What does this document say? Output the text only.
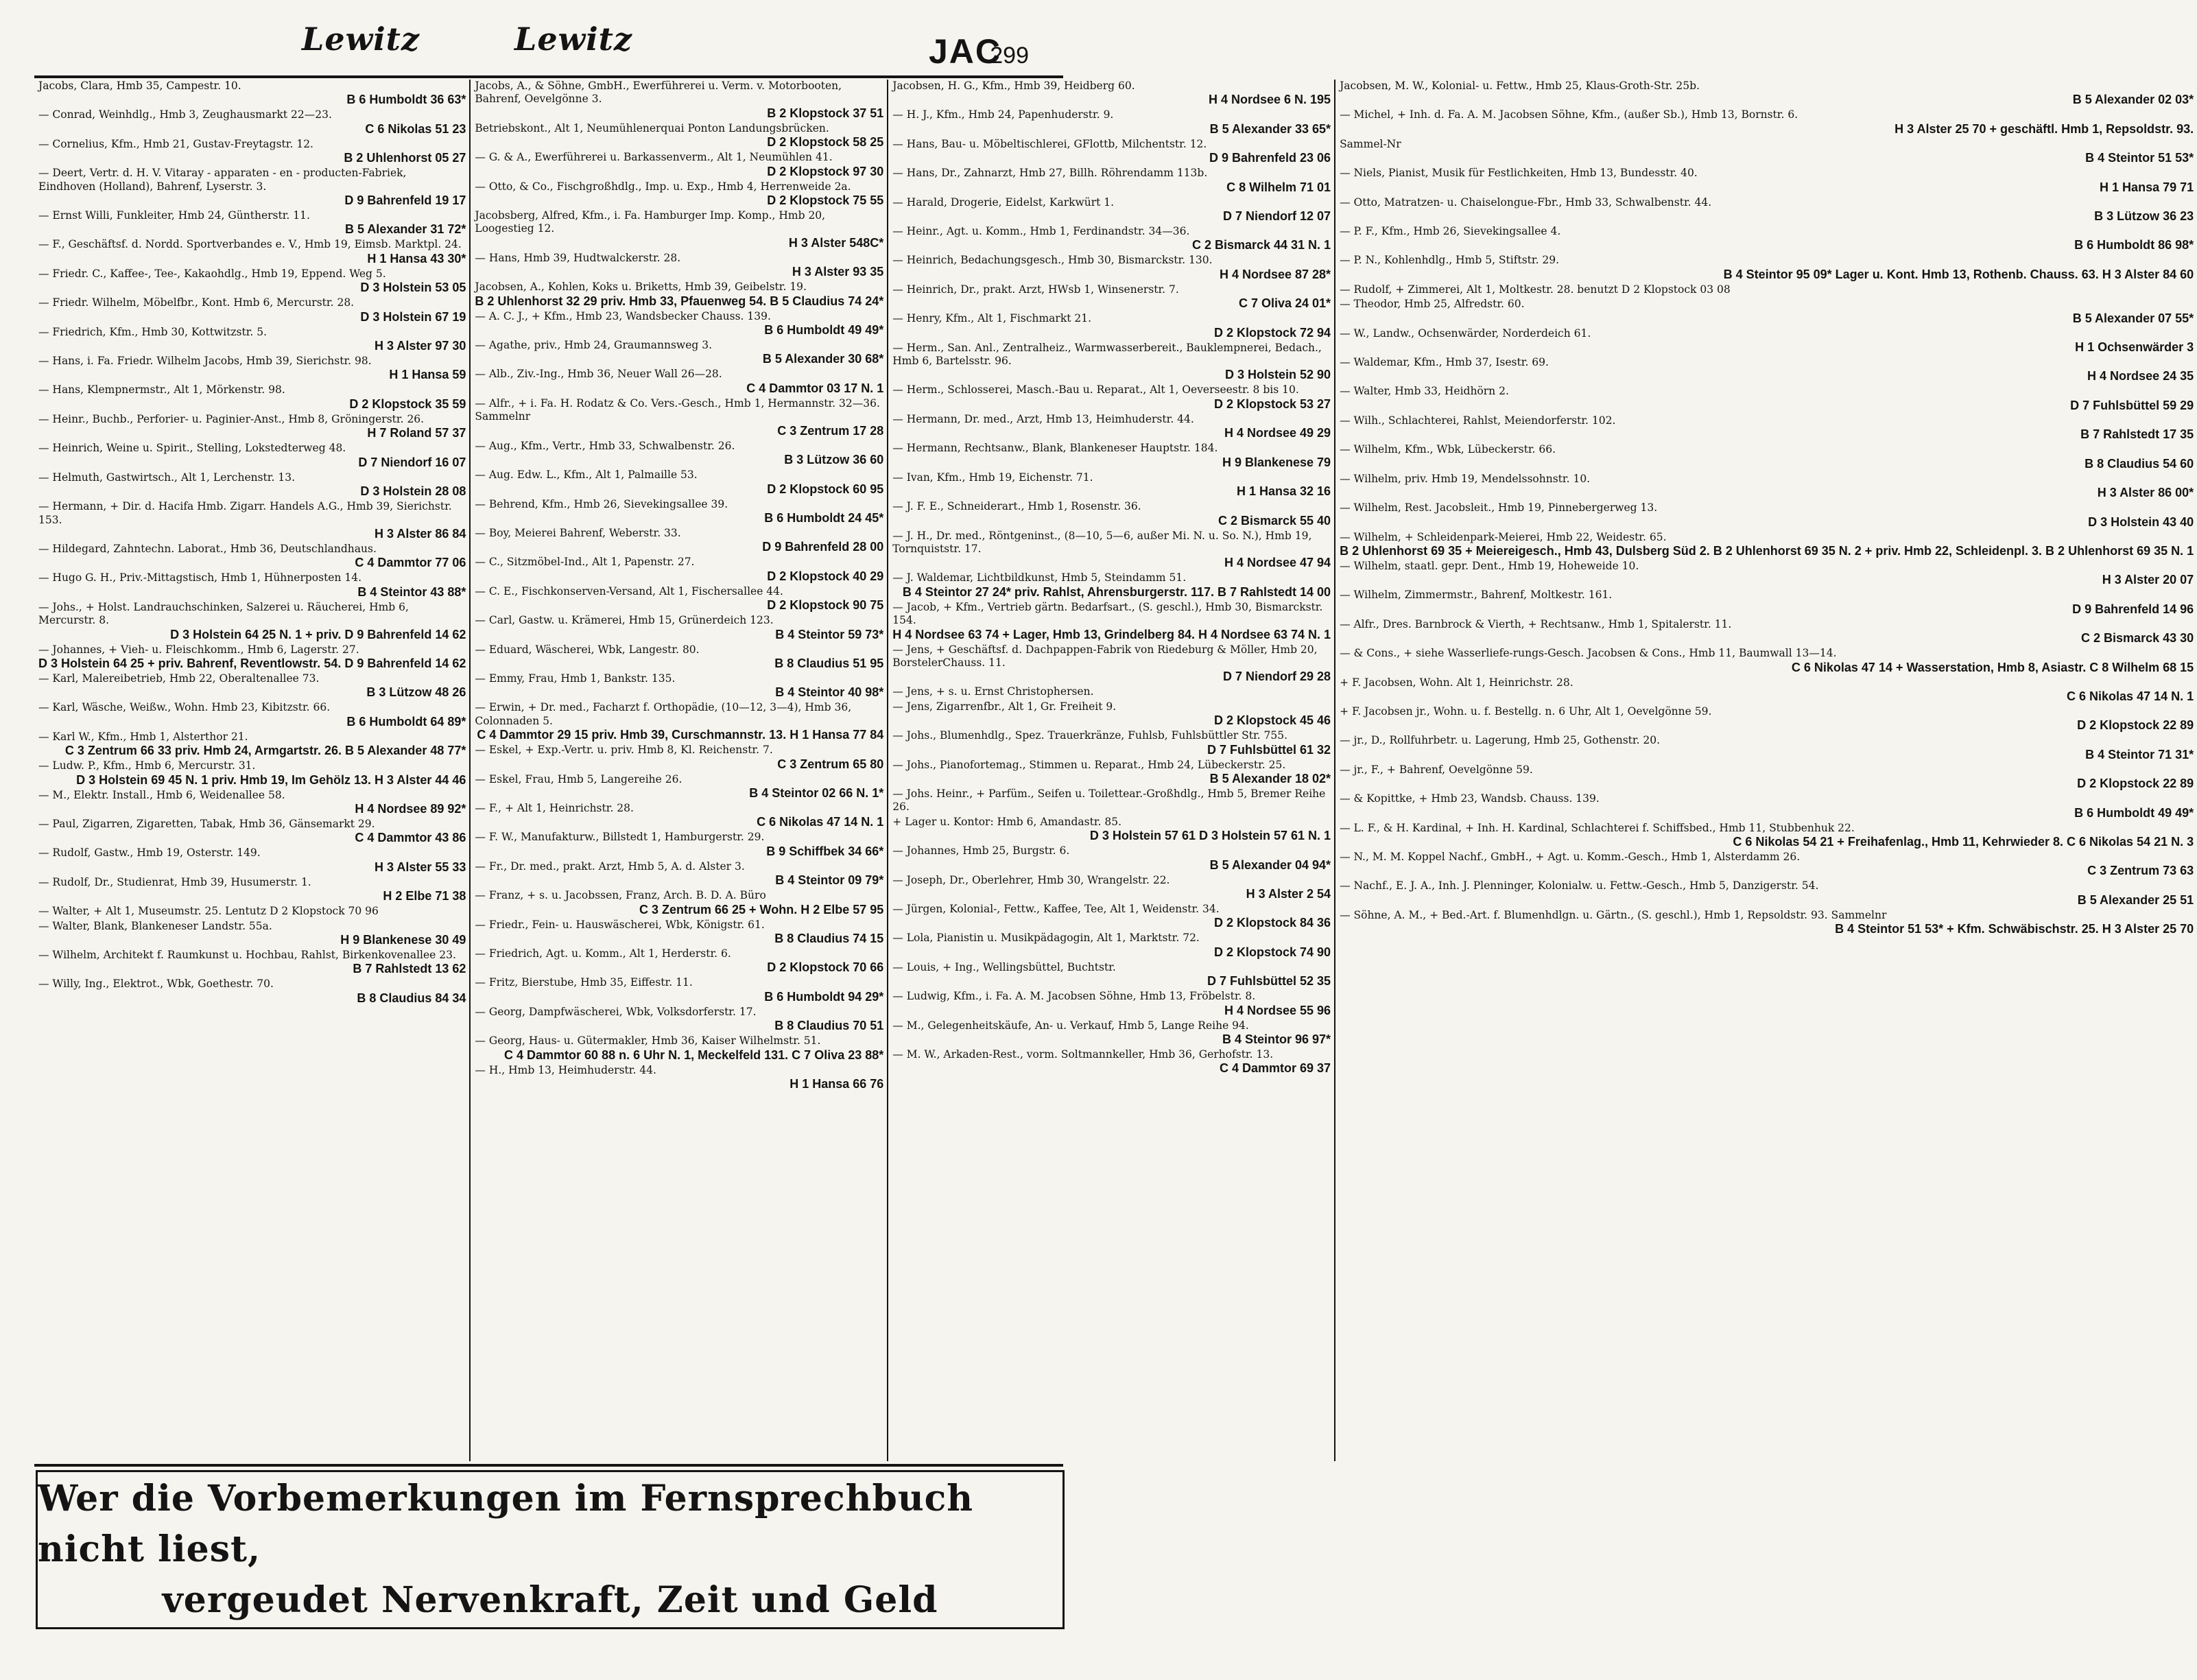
Lewitz	Lewitz	JAC
299
Jacobs, Clara, Hmb 35, Campestr. 10.
B 6 Humboldt 36 63*
— Conrad, Weinhdlg., Hmb 3, Zeughausmarkt 22—23.
C 6 Nikolas 51 23
— Cornelius, Kfm., Hmb 21, Gustav-Freytagstr. 12.
B 2 Uhlenhorst 05 27
— Deert, Vertr. d. H. V. Vitaray - apparaten - en - producten-Fabriek, Eindhoven (Holland), Bahrenf, Lyserstr. 3.
D 9 Bahrenfeld 19 17
— Ernst Willi, Funkleiter, Hmb 24, Güntherstr. 11.
B 5 Alexander 31 72*
— F., Geschäftsf. d. Nordd. Sportverbandes e. V., Hmb 19, Eimsb. Marktpl. 24.
H 1 Hansa 43 30*
— Friedr. C., Kaffee-, Tee-, Kakaohdlg., Hmb 19, Eppend. Weg 5.
D 3 Holstein 53 05
— Friedr. Wilhelm, Möbelfbr., Kont. Hmb 6, Mercurstr. 28.
D 3 Holstein 67 19
— Friedrich, Kfm., Hmb 30, Kottwitzstr. 5.
H 3 Alster 97 30
— Hans, i. Fa. Friedr. Wilhelm Jacobs, Hmb 39, Sierichstr. 98.
H 1 Hansa 59
— Hans, Klempnermstr., Alt 1, Mörkenstr. 98.
D 2 Klopstock 35 59
— Heinr., Buchb., Perforier- u. Paginier-Anst., Hmb 8, Gröningerstr. 26.
H 7 Roland 57 37
— Heinrich, Weine u. Spirit., Stelling, Lokstedterweg 48.
D 7 Niendorf 16 07
— Helmuth, Gastwirtsch., Alt 1, Lerchenstr. 13.
D 3 Holstein 28 08
— Hermann, + Dir. d. Hacifa Hmb. Zigarr. Handels A.G., Hmb 39, Sierichstr. 153.
H 3 Alster 86 84
— Hildegard, Zahntechn. Laborat., Hmb 36, Deutschlandhaus.
C 4 Dammtor 77 06
— Hugo G. H., Priv.-Mittagstisch, Hmb 1, Hühnerposten 14.
B 4 Steintor 43 88*
— Johs., + Holst. Landrauchschinken, Salzerei u. Räucherei, Hmb 6, Mercurstr. 8.
D 3 Holstein 64 25 N. 1 + priv. D 9 Bahrenfeld 14 62
— Johannes, + Vieh- u. Fleischkomm., Hmb 6, Lagerstr. 27.
D 3 Holstein 64 25 + priv. Bahrenf, Reventlowstr. 54. D 9 Bahrenfeld 14 62
— Karl, Malereibetrieb, Hmb 22, Oberaltenallee 73.
B 3 Lützow 48 26
— Karl, Wäsche, Weißw., Wohn. Hmb 23, Kibitzstr. 66.
B 6 Humboldt 64 89*
— Karl W., Kfm., Hmb 1, Alsterthor 21.
C 3 Zentrum 66 33 priv. Hmb 24, Armgartstr. 26. B 5 Alexander 48 77*
— Ludw. P., Kfm., Hmb 6, Mercurstr. 31.
D 3 Holstein 69 45 N. 1 priv. Hmb 19, Im Gehölz 13. H 3 Alster 44 46
— M., Elektr. Install., Hmb 6, Weidenallee 58.
H 4 Nordsee 89 92*
— Paul, Zigarren, Zigaretten, Tabak, Hmb 36, Gänsemarkt 29.
C 4 Dammtor 43 86
— Rudolf, Gastw., Hmb 19, Osterstr. 149.
H 3 Alster 55 33
— Rudolf, Dr., Studienrat, Hmb 39, Husumerstr. 1.
H 2 Elbe 71 38
— Walter, + Alt 1, Museumstr. 25. Lentutz D 2 Klopstock 70 96
— Walter, Blank, Blankeneser Landstr. 55a.
H 9 Blankenese 30 49
— Wilhelm, Architekt f. Raumkunst u. Hochbau, Rahlst, Birkenkovenallee 23.
B 7 Rahlstedt 13 62
— Willy, Ing., Elektrot., Wbk, Goethestr. 70.
B 8 Claudius 84 34
Jacobs, A., & Söhne, GmbH., Ewerführerei u. Verm. v. Motorbooten, Bahrenf, Oevelgönne 3.
B 2 Klopstock 37 51
Betriebskont., Alt 1, Neumühlenerquai Ponton Landungsbrücken.
D 2 Klopstock 58 25
— G. & A., Ewerführerei u. Barkassenverm., Alt 1, Neumühlen 41.
D 2 Klopstock 97 30
— Otto, & Co., Fischgroßhdlg., Imp. u. Exp., Hmb 4, Herrenweide 2a.
D 2 Klopstock 75 55
Jacobsberg, Alfred, Kfm., i. Fa. Hamburger Imp. Komp., Hmb 20, Loogestieg 12.
H 3 Alster 548C*
— Hans, Hmb 39, Hudtwalckerstr. 28.
H 3 Alster 93 35
Jacobsen, A., Kohlen, Koks u. Briketts, Hmb 39, Geibelstr. 19.
B 2 Uhlenhorst 32 29 priv. Hmb 33, Pfauenweg 54. B 5 Claudius 74 24*
— A. C. J., + Kfm., Hmb 23, Wandsbecker Chauss. 139.
B 6 Humboldt 49 49*
— Agathe, priv., Hmb 24, Graumannsweg 3.
B 5 Alexander 30 68*
— Alb., Ziv.-Ing., Hmb 36, Neuer Wall 26—28.
C 4 Dammtor 03 17 N. 1
— Alfr., + i. Fa. H. Rodatz & Co. Vers.-Gesch., Hmb 1, Hermannstr. 32—36. Sammelnr
C 3 Zentrum 17 28
— Aug., Kfm., Vertr., Hmb 33, Schwalbenstr. 26.
B 3 Lützow 36 60
— Aug. Edw. L., Kfm., Alt 1, Palmaille 53.
D 2 Klopstock 60 95
— Behrend, Kfm., Hmb 26, Sievekingsallee 39.
B 6 Humboldt 24 45*
— Boy, Meierei Bahrenf, Weberstr. 33.
D 9 Bahrenfeld 28 00
— C., Sitzmöbel-Ind., Alt 1, Papenstr. 27.
D 2 Klopstock 40 29
— C. E., Fischkonserven-Versand, Alt 1, Fischersallee 44.
D 2 Klopstock 90 75
— Carl, Gastw. u. Krämerei, Hmb 15, Grünerdeich 123.
B 4 Steintor 59 73*
— Eduard, Wäscherei, Wbk, Langestr. 80.
B 8 Claudius 51 95
— Emmy, Frau, Hmb 1, Bankstr. 135.
B 4 Steintor 40 98*
— Erwin, + Dr. med., Facharzt f. Orthopädie, (10—12, 3—4), Hmb 36, Colonnaden 5.
C 4 Dammtor 29 15 priv. Hmb 39, Curschmannstr. 13. H 1 Hansa 77 84
— Eskel, + Exp.-Vertr. u. priv. Hmb 8, Kl. Reichenstr. 7.
C 3 Zentrum 65 80
— Eskel, Frau, Hmb 5, Langereihe 26.
B 4 Steintor 02 66 N. 1*
— F., + Alt 1, Heinrichstr. 28.
C 6 Nikolas 47 14 N. 1
— F. W., Manufakturw., Billstedt 1, Hamburgerstr. 29.
B 9 Schiffbek 34 66*
— Fr., Dr. med., prakt. Arzt, Hmb 5, A. d. Alster 3.
B 4 Steintor 09 79*
— Franz, + s. u. Jacobssen, Franz, Arch. B. D. A. Büro
C 3 Zentrum 66 25 + Wohn. H 2 Elbe 57 95
— Friedr., Fein- u. Hauswäscherei, Wbk, Königstr. 61.
B 8 Claudius 74 15
— Friedrich, Agt. u. Komm., Alt 1, Herderstr. 6.
D 2 Klopstock 70 66
— Fritz, Bierstube, Hmb 35, Eiffestr. 11.
B 6 Humboldt 94 29*
— Georg, Dampfwäscherei, Wbk, Volksdorferstr. 17.
B 8 Claudius 70 51
— Georg, Haus- u. Gütermakler, Hmb 36, Kaiser Wilhelmstr. 51.
C 4 Dammtor 60 88 n. 6 Uhr N. 1, Meckelfeld 131. C 7 Oliva 23 88*
— H., Hmb 13, Heimhuderstr. 44.
H 1 Hansa 66 76
Jacobsen, H. G., Kfm., Hmb 39, Heidberg 60.
H 4 Nordsee 6 N. 195
— H. J., Kfm., Hmb 24, Papenhuderstr. 9.
B 5 Alexander 33 65*
— Hans, Bau- u. Möbeltischlerei, GFlottb, Milchentstr. 12.
D 9 Bahrenfeld 23 06
— Hans, Dr., Zahnarzt, Hmb 27, Billh. Röhrendamm 113b.
C 8 Wilhelm 71 01
— Harald, Drogerie, Eidelst, Karkwürt 1.
D 7 Niendorf 12 07
— Heinr., Agt. u. Komm., Hmb 1, Ferdinandstr. 34—36.
C 2 Bismarck 44 31 N. 1
— Heinrich, Bedachungsgesch., Hmb 30, Bismarckstr. 130.
H 4 Nordsee 87 28*
— Heinrich, Dr., prakt. Arzt, HWsb 1, Winsenerstr. 7.
C 7 Oliva 24 01*
— Henry, Kfm., Alt 1, Fischmarkt 21.
D 2 Klopstock 72 94
— Herm., San. Anl., Zentralheiz., Warmwasserbereit., Bauklempnerei, Bedach., Hmb 6, Bartelsstr. 96.
D 3 Holstein 52 90
— Herm., Schlosserei, Masch.-Bau u. Reparat., Alt 1, Oeverseestr. 8 bis 10.
D 2 Klopstock 53 27
— Hermann, Dr. med., Arzt, Hmb 13, Heimhuderstr. 44.
H 4 Nordsee 49 29
— Hermann, Rechtsanw., Blank, Blankeneser Hauptstr. 184.
H 9 Blankenese 79
— Ivan, Kfm., Hmb 19, Eichenstr. 71.
H 1 Hansa 32 16
— J. F. E., Schneiderart., Hmb 1, Rosenstr. 36.
C 2 Bismarck 55 40
— J. H., Dr. med., Röntgeninst., (8—10, 5—6, außer Mi. N. u. So. N.), Hmb 19, Tornquiststr. 17.
H 4 Nordsee 47 94
— J. Waldemar, Lichtbildkunst, Hmb 5, Steindamm 51.
B 4 Steintor 27 24* priv. Rahlst, Ahrensburgerstr. 117. B 7 Rahlstedt 14 00
— Jacob, + Kfm., Vertrieb gärtn. Bedarfsart., (S. geschl.), Hmb 30, Bismarckstr. 154.
H 4 Nordsee 63 74 + Lager, Hmb 13, Grindelberg 84. H 4 Nordsee 63 74 N. 1
— Jens, + Geschäftsf. d. Dachpappen-Fabrik von Riedeburg & Möller, Hmb 20, BorstelerChauss. 11.
D 7 Niendorf 29 28
— Jens, + s. u. Ernst Christophersen.
— Jens, Zigarrenfbr., Alt 1, Gr. Freiheit 9.
D 2 Klopstock 45 46
— Johs., Blumenhdlg., Spez. Trauerkränze, Fuhlsb, Fuhlsbüttler Str. 755.
D 7 Fuhlsbüttel 61 32
— Johs., Pianofortemag., Stimmen u. Reparat., Hmb 24, Lübeckerstr. 25.
B 5 Alexander 18 02*
— Johs. Heinr., + Parfüm., Seifen u. Toilettear.-Großhdlg., Hmb 5, Bremer Reihe 26.
+ Lager u. Kontor: Hmb 6, Amandastr. 85.
D 3 Holstein 57 61 D 3 Holstein 57 61 N. 1
— Johannes, Hmb 25, Burgstr. 6.
B 5 Alexander 04 94*
— Joseph, Dr., Oberlehrer, Hmb 30, Wrangelstr. 22.
H 3 Alster 2 54
— Jürgen, Kolonial-, Fettw., Kaffee, Tee, Alt 1, Weidenstr. 34.
D 2 Klopstock 84 36
— Lola, Pianistin u. Musikpädagogin, Alt 1, Marktstr. 72.
D 2 Klopstock 74 90
— Louis, + Ing., Wellingsbüttel, Buchtstr.
D 7 Fuhlsbüttel 52 35
— Ludwig, Kfm., i. Fa. A. M. Jacobsen Söhne, Hmb 13, Fröbelstr. 8.
H 4 Nordsee 55 96
— M., Gelegenheitskäufe, An- u. Verkauf, Hmb 5, Lange Reihe 94.
B 4 Steintor 96 97*
— M. W., Arkaden-Rest., vorm. Soltmannkeller, Hmb 36, Gerhofstr. 13.
C 4 Dammtor 69 37
Jacobsen, M. W., Kolonial- u. Fettw., Hmb 25, Klaus-Groth-Str. 25b.
B 5 Alexander 02 03*
— Michel, + Inh. d. Fa. A. M. Jacobsen Söhne, Kfm., (außer Sb.), Hmb 13, Bornstr. 6.
H 3 Alster 25 70 + geschäftl. Hmb 1, Repsoldstr. 93.
Sammel-Nr
B 4 Steintor 51 53*
— Niels, Pianist, Musik für Festlichkeiten, Hmb 13, Bundesstr. 40.
H 1 Hansa 79 71
— Otto, Matratzen- u. Chaiselongue-Fbr., Hmb 33, Schwalbenstr. 44.
B 3 Lützow 36 23
— P. F., Kfm., Hmb 26, Sievekingsallee 4.
B 6 Humboldt 86 98*
— P. N., Kohlenhdlg., Hmb 5, Stiftstr. 29.
B 4 Steintor 95 09* Lager u. Kont. Hmb 13, Rothenb. Chauss. 63. H 3 Alster 84 60
— Rudolf, + Zimmerei, Alt 1, Moltkestr. 28. benutzt D 2 Klopstock 03 08
— Theodor, Hmb 25, Alfredstr. 60.
B 5 Alexander 07 55*
— W., Landw., Ochsenwärder, Norderdeich 61.
H 1 Ochsenwärder 3
— Waldemar, Kfm., Hmb 37, Isestr. 69.
H 4 Nordsee 24 35
— Walter, Hmb 33, Heidhörn 2.
D 7 Fuhlsbüttel 59 29
— Wilh., Schlachterei, Rahlst, Meiendorferstr. 102.
B 7 Rahlstedt 17 35
— Wilhelm, Kfm., Wbk, Lübeckerstr. 66.
B 8 Claudius 54 60
— Wilhelm, priv. Hmb 19, Mendelssohnstr. 10.
H 3 Alster 86 00*
— Wilhelm, Rest. Jacobsleit., Hmb 19, Pinnebergerweg 13.
D 3 Holstein 43 40
— Wilhelm, + Schleidenpark-Meierei, Hmb 22, Weidestr. 65.
B 2 Uhlenhorst 69 35 + Meiereigesch., Hmb 43, Dulsberg Süd 2. B 2 Uhlenhorst 69 35 N. 2 + priv. Hmb 22, Schleidenpl. 3. B 2 Uhlenhorst 69 35 N. 1
— Wilhelm, staatl. gepr. Dent., Hmb 19, Hoheweide 10.
H 3 Alster 20 07
— Wilhelm, Zimmermstr., Bahrenf, Moltkestr. 161.
D 9 Bahrenfeld 14 96
— Alfr., Dres. Barnbrock & Vierth, + Rechtsanw., Hmb 1, Spitalerstr. 11.
C 2 Bismarck 43 30
— & Cons., + siehe Wasserliefe-rungs-Gesch. Jacobsen & Cons., Hmb 11, Baumwall 13—14.
C 6 Nikolas 47 14 + Wasserstation, Hmb 8, Asiastr. C 8 Wilhelm 68 15
+ F. Jacobsen, Wohn. Alt 1, Heinrichstr. 28.
C 6 Nikolas 47 14 N. 1
+ F. Jacobsen jr., Wohn. u. f. Bestellg. n. 6 Uhr, Alt 1, Oevelgönne 59.
D 2 Klopstock 22 89
— jr., D., Rollfuhrbetr. u. Lagerung, Hmb 25, Gothenstr. 20.
B 4 Steintor 71 31*
— jr., F., + Bahrenf, Oevelgönne 59.
D 2 Klopstock 22 89
— & Kopittke, + Hmb 23, Wandsb. Chauss. 139.
B 6 Humboldt 49 49*
— L. F., & H. Kardinal, + Inh. H. Kardinal, Schlachterei f. Schiffsbed., Hmb 11, Stubbenhuk 22.
C 6 Nikolas 54 21 + Freihafenlag., Hmb 11, Kehrwieder 8. C 6 Nikolas 54 21 N. 3
— N., M. M. Koppel Nachf., GmbH., + Agt. u. Komm.-Gesch., Hmb 1, Alsterdamm 26.
C 3 Zentrum 73 63
— Nachf., E. J. A., Inh. J. Plenninger, Kolonialw. u. Fettw.-Gesch., Hmb 5, Danzigerstr. 54.
B 5 Alexander 25 51
— Söhne, A. M., + Bed.-Art. f. Blumenhdlgn. u. Gärtn., (S. geschl.), Hmb 1, Repsoldstr. 93. Sammelnr
B 4 Steintor 51 53* + Kfm. Schwäbischstr. 25. H 3 Alster 25 70
Wer die Vorbemerkungen im Fernsprechbuch nicht liest,
vergeudet Nervenkraft, Zeit und Geld
